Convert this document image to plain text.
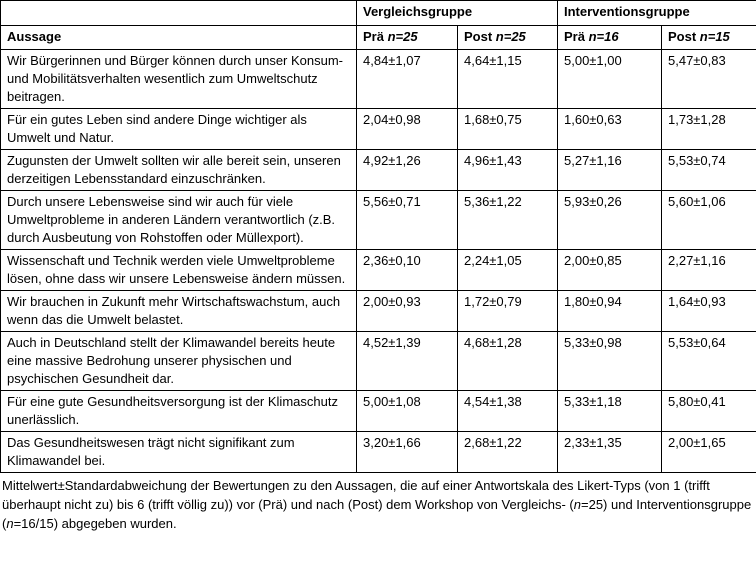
	Vergleichsgruppe		Interventionsgruppe	
Aussage	Prä n=25	Post n=25	Prä n=16	Post n=15
Wir Bürgerinnen und Bürger können durch unser Konsum- und Mobilitätsverhalten wesentlich zum Umweltschutz beitragen.	4,84±1,07	4,64±1,15	5,00±1,00	5,47±0,83
Für ein gutes Leben sind andere Dinge wichtiger als Umwelt und Natur.	2,04±0,98	1,68±0,75	1,60±0,63	1,73±1,28
Zugunsten der Umwelt sollten wir alle bereit sein, unseren derzeitigen Lebensstandard einzuschränken.	4,92±1,26	4,96±1,43	5,27±1,16	5,53±0,74
Durch unsere Lebensweise sind wir auch für viele Umweltprobleme in anderen Ländern verantwortlich (z.B. durch Ausbeutung von Rohstoffen oder Müllexport).	5,56±0,71	5,36±1,22	5,93±0,26	5,60±1,06
Wissenschaft und Technik werden viele Umweltprobleme lösen, ohne dass wir unsere Lebensweise ändern müssen.	2,36±0,10	2,24±1,05	2,00±0,85	2,27±1,16
Wir brauchen in Zukunft mehr Wirtschaftswachstum, auch wenn das die Umwelt belastet.	2,00±0,93	1,72±0,79	1,80±0,94	1,64±0,93
Auch in Deutschland stellt der Klimawandel bereits heute eine massive Bedrohung unserer physischen und psychischen Gesundheit dar.	4,52±1,39	4,68±1,28	5,33±0,98	5,53±0,64
Für eine gute Gesundheitsversorgung ist der Klimaschutz unerlässlich.	5,00±1,08	4,54±1,38	5,33±1,18	5,80±0,41
Das Gesundheitswesen trägt nicht signifikant zum Klimawandel bei.	3,20±1,66	2,68±1,22	2,33±1,35	2,00±1,65
Mittelwert±Standardabweichung der Bewertungen zu den Aussagen, die auf einer Antwortskala des Likert-Typs (von 1 (trifft überhaupt nicht zu) bis 6 (trifft völlig zu)) vor (Prä) und nach (Post) dem Workshop von Vergleichs- (n=25) und Interventionsgruppe (n=16/15) abgegeben wurden.
